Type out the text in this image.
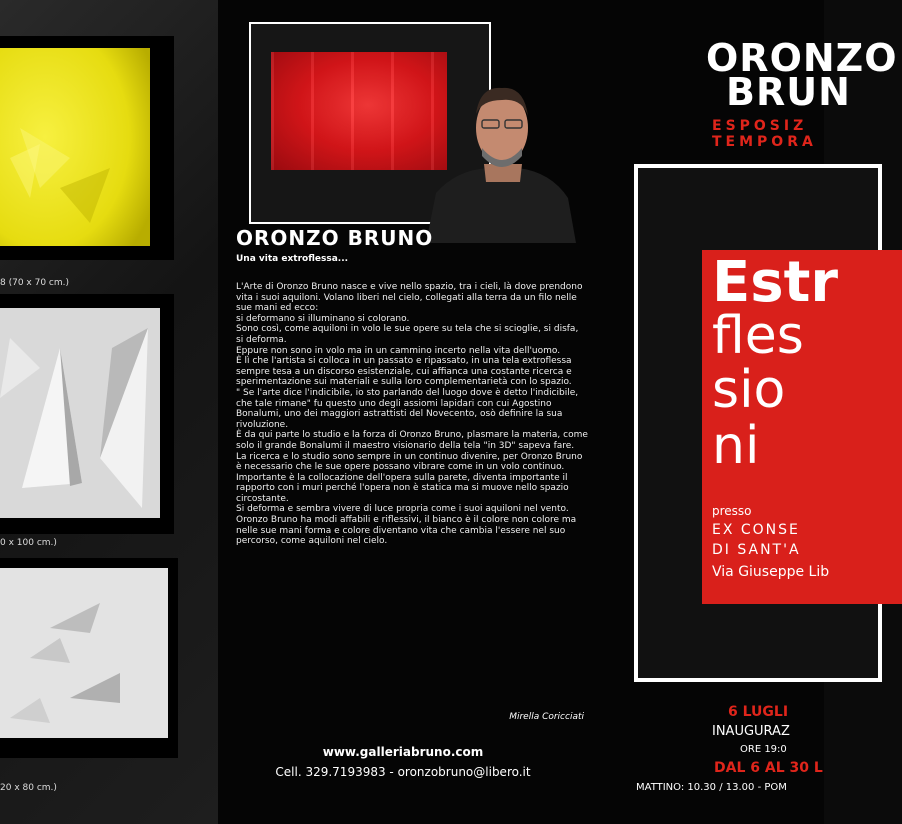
8 (70 x 70 cm.)
0 x 100 cm.)
20 x 80 cm.)
ORONZO BRUNO
Una vita extroflessa...

L'Arte di Oronzo Bruno nasce e vive nello spazio, tra i cieli, là dove prendono vita i suoi aquiloni. Volano liberi nel cielo, collegati alla terra da un filo nelle sue mani ed ecco:

si deformano si illuminano si colorano.

Sono così, come aquiloni in volo le sue opere su tela che si scioglie, si disfa, si deforma.

Eppure non sono in volo ma in un cammino incerto nella vita dell'uomo.

È lì che l'artista si colloca in un passato e ripassato, in una tela extroflessa sempre tesa a un discorso esistenziale, cui affianca una costante ricerca e sperimentazione sui materiali e sulla loro complementarietà con lo spazio.

" Se l'arte dice l'indicibile, io sto parlando del luogo dove è detto l'indicibile, che tale rimane" fu questo uno degli assiomi lapidari con cui Agostino Bonalumi, uno dei maggiori astrattisti del Novecento, osò definire la sua rivoluzione.

È da qui parte lo studio e la forza di Oronzo Bruno, plasmare la materia, come solo il grande Bonalumi il maestro visionario della tela "in 3D" sapeva fare.

La ricerca e lo studio sono sempre in un continuo divenire, per Oronzo Bruno è necessario che le sue opere possano vibrare come in un volo continuo.

Importante è la collocazione dell'opera sulla parete, diventa importante il rapporto con i muri perché l'opera non è statica ma si muove nello spazio circostante.

Si deforma e sembra vivere di luce propria come i suoi aquiloni nel vento.

Oronzo Bruno ha modi affabili e riflessivi, il bianco è il colore non colore ma nelle sue mani forma e colore diventano vita che cambia l'essere nel suo percorso, come aquiloni nel cielo.

Mirella Coricciati
www.galleriabruno.com
Cell. 329.7193983 - oronzobruno@libero.it
ORONZO
BRUN
ESPOSIZ
TEMPORA
Estr
fles
sio
ni
presso
EX CONSE
DI SANT'A
Via Giuseppe Lib
6 LUGLI
INAUGURAZ
ORE 19:0
DAL 6 AL 30 L
MATTINO: 10.30 / 13.00 - POM
